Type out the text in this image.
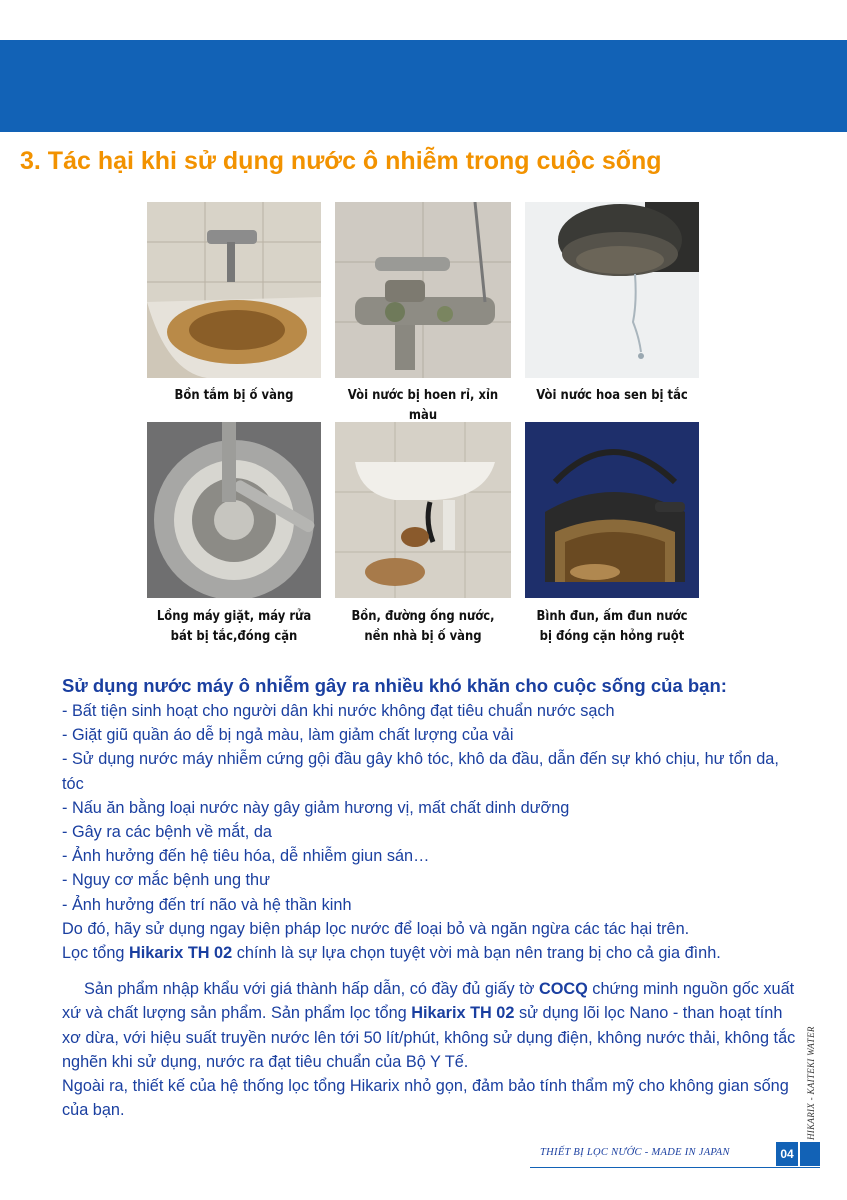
3. Tác hại khi sử dụng nước ô nhiễm trong cuộc sống
Bồn tắm bị ố vàng	Vòi nước bị hoen rỉ, xỉn màu
Vòi nước hoa sen bị tắc
Lồng máy giặt, máy rửa
bát bị tắc,đóng cặn
Bồn, đường ống nước,
nền nhà bị ố vàng
Bình đun, ấm đun nước
bị đóng cặn hỏng ruột

Sử dụng nước máy ô nhiễm gây ra nhiều khó khăn cho cuộc sống của bạn:

- Bất tiện sinh hoạt cho người dân khi nước không đạt tiêu chuẩn nước sạch

- Giặt giũ quần áo dễ bị ngả màu, làm giảm chất lượng của vải

- Sử dụng nước máy nhiễm cứng gội đầu gây khô tóc, khô da đầu, dẫn đến sự khó chịu, hư tổn da, tóc

- Nấu ăn bằng loại nước này gây giảm hương vị, mất chất dinh dưỡng

- Gây ra các bệnh về mắt, da

- Ảnh hưởng đến hệ tiêu hóa, dễ nhiễm giun sán…

- Nguy cơ mắc bệnh ung thư

- Ảnh hưởng đến trí não và hệ thần kinh

Do đó, hãy sử dụng ngay biện pháp lọc nước để loại bỏ và ngăn ngừa các tác hại trên.

Lọc tổng Hikarix TH 02 chính là sự lựa chọn tuyệt vời mà bạn nên trang bị cho cả gia đình.

Sản phẩm nhập khẩu với giá thành hấp dẫn, có đầy đủ giấy tờ COCQ chứng minh nguồn gốc xuất xứ và chất lượng sản phẩm. Sản phẩm lọc tổng Hikarix TH 02 sử dụng lõi lọc Nano - than hoạt tính xơ dừa, với hiệu suất truyền nước lên tới 50 lít/phút, không sử dụng điện, không nước thải, không tắc nghẽn khi sử dụng, nước ra đạt tiêu chuẩn của Bộ Y Tế.

Ngoài ra, thiết kế của hệ thống lọc tổng Hikarix nhỏ gọn, đảm bảo tính thẩm mỹ cho không gian sống của bạn.	HIKARIX - KAITEKI WATER
THIẾT BỊ LỌC NƯỚC - MADE IN JAPAN	04
